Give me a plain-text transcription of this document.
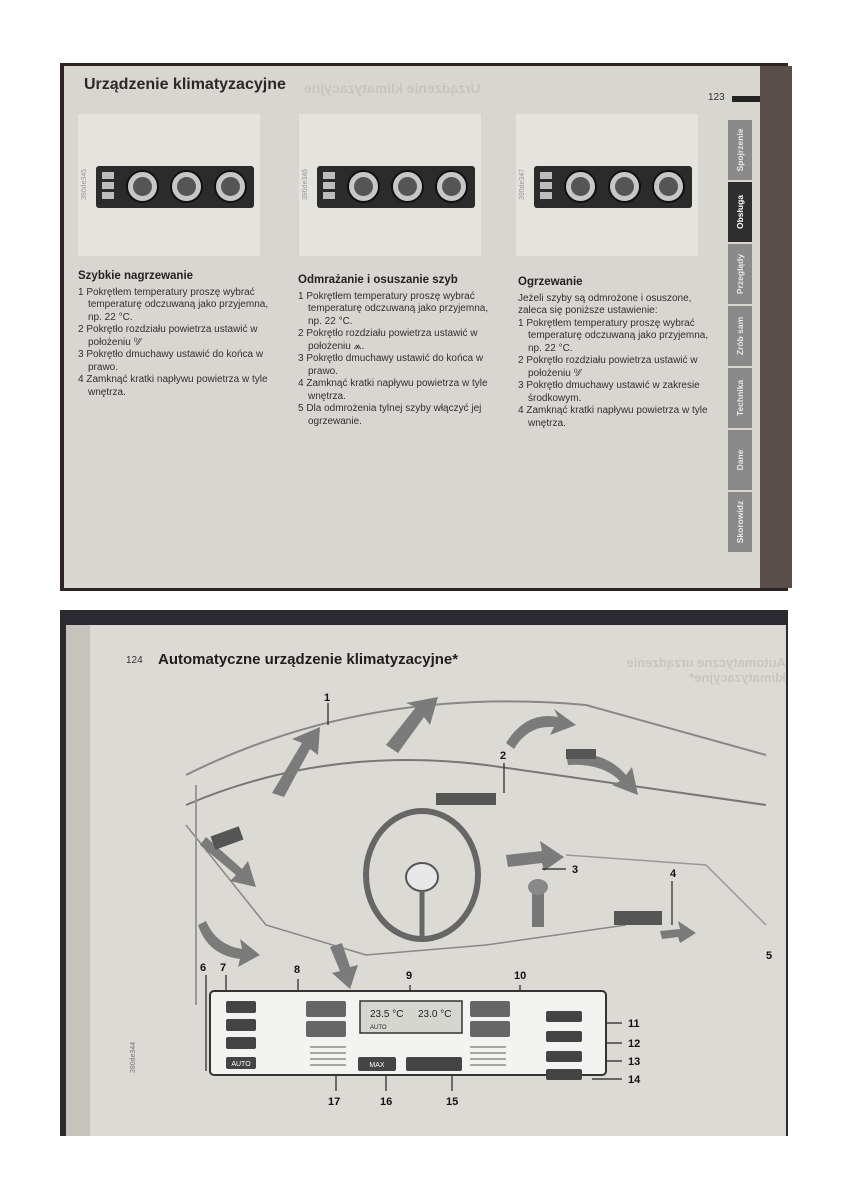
Urządzenie klimatyzacyjne Urządzenie klimatyzacyjne
123
390de345	390de346	390de347
Szybkie nagrzewanie
1 Pokrętłem temperatury proszę wybrać temperaturę odczuwaną jako przyjemna, np. 22 °C.
2 Pokrętło rozdziału powietrza ustawić w położeniu ⁰⁄⁄
3 Pokrętło dmuchawy ustawić do końca w prawo.
4 Zamknąć kratki napływu powietrza w tyle wnętrza.
Odmrażanie i osuszanie szyb
1 Pokrętłem temperatury proszę wybrać temperaturę odczuwaną jako przyjemna, np. 22 °C.
2 Pokrętło rozdziału powietrza ustawić w położeniu ⩕.
3 Pokrętło dmuchawy ustawić do końca w prawo.
4 Zamknąć kratki napływu powietrza w tyle wnętrza.
5 Dla odmrożenia tylnej szyby włączyć jej ogrzewanie.
Ogrzewanie

Jeżeli szyby są odmrożone i osuszone, zaleca się poniższe ustawienie:

1 Pokrętłem temperatury proszę wybrać temperaturę odczuwaną jako przyjemna, np. 22 °C.
2 Pokrętło rozdziału powietrza ustawić w położeniu ⁰⁄⁄
3 Pokrętło dmuchawy ustawić w zakresie środkowym.
4 Zamknąć kratki napływu powietrza w tyle wnętrza.
Spojrzenie
Obsługa
Przeglądy
Zrób sam
Technika
Dane
Skorowidz
124 Automatyczne urządzenie klimatyzacyjne*	Automatyczne urządzenie klimatyzacyjne*
AUTO
23.5 °C 23.0 °C
AUTO
MAX
1
2
3	4
5
6 7	8	9	10
11
12
13
14
15
16
17
390de344
